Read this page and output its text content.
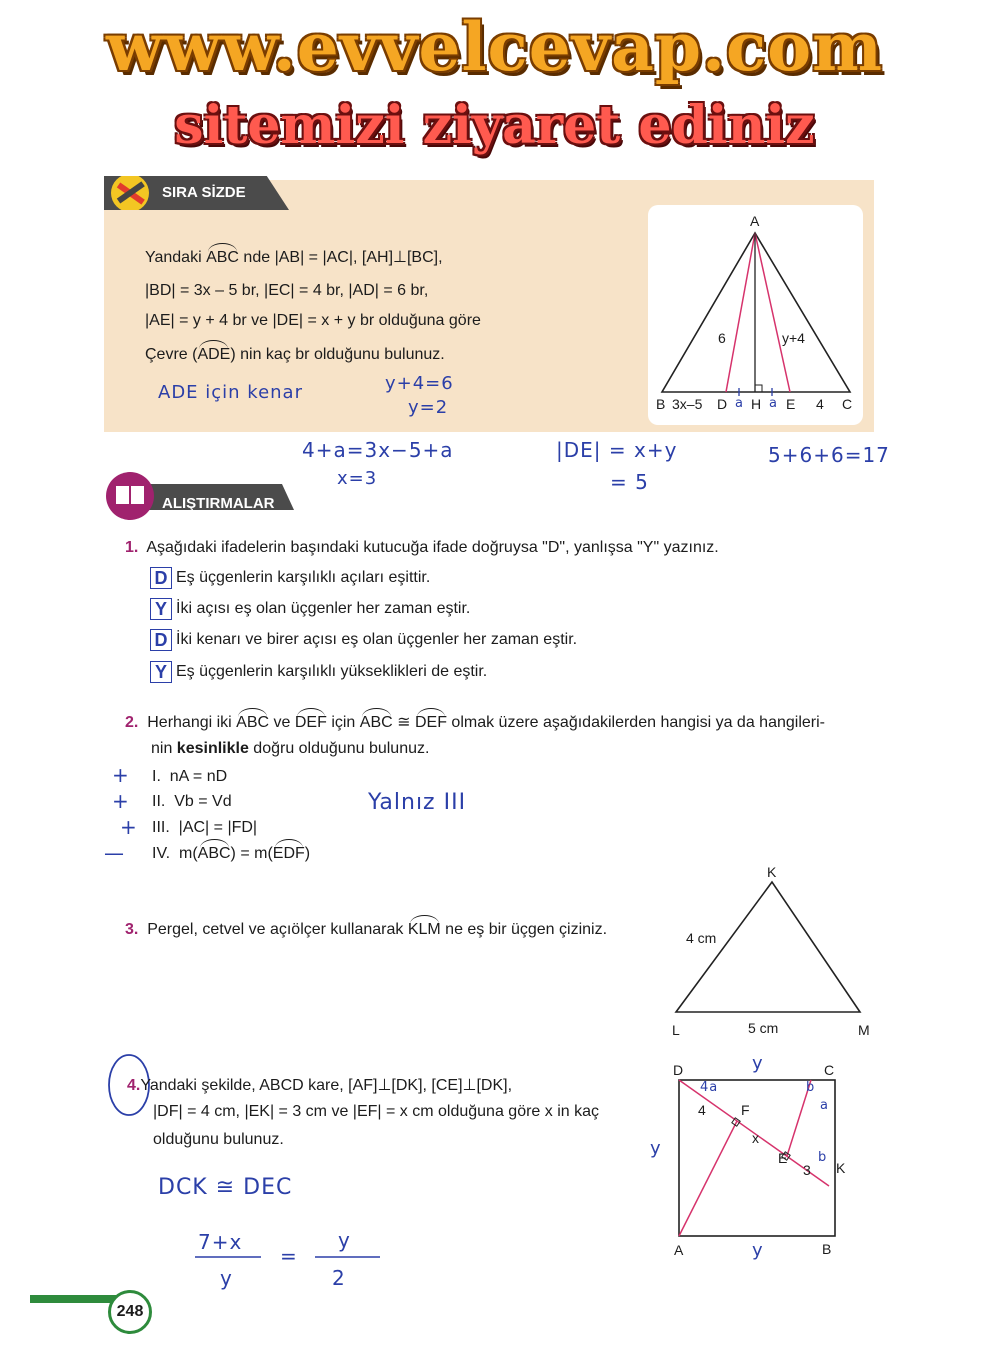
www.evvelcevap.com
sitemizi ziyaret ediniz
SIRA SİZDE
Yandaki ABC nde |AB| = |AC|, [AH]⊥[BC],
|BD| = 3x – 5 br, |EC| = 4 br, |AD| = 6 br,
|AE| = y + 4 br ve |DE| = x + y br olduğuna göre
Çevre (ADE) nin kaç br olduğunu bulunuz.
A
B 3x–5 D H E 4 C
6	y+4
a a
ADE için kenar	y+4=6
y=2
4+a=3x−5+a
x=3
|DE| = x+y
= 5
5+6+6=17
ALIŞTIRMALAR
1. Aşağıdaki ifadelerin başındaki kutucuğa ifade doğruysa "D", yanlışsa "Y" yazınız.
D Eş üçgenlerin karşılıklı açıları eşittir.
Y İki açısı eş olan üçgenler her zaman eştir.
D İki kenarı ve birer açısı eş olan üçgenler her zaman eştir.
Y Eş üçgenlerin karşılıklı yükseklikleri de eştir.
2. Herhangi iki ABC ve DEF için ABC ≅ DEF olmak üzere aşağıdakilerden hangisi ya da hangileri-
nin kesinlikle doğru olduğunu bulunuz.
I. nA = nD
II. Vb = Vd
III. |AC| = |FD|
IV. m(ABC) = m(EDF)
+
+
+
—
Yalnız III
3. Pergel, cetvel ve açıölçer kullanarak KLM ne eş bir üçgen çiziniz.
K
L	M
4 cm
5 cm
4.Yandaki şekilde, ABCD kare, [AF]⊥[DK], [CE]⊥[DK],
|DF| = 4 cm, |EK| = 3 cm ve |EF| = x cm olduğuna göre x in kaç
olduğunu bulunuz.
D	C
A	B
F
E
K
4
x
3
y
y
y
4a	b
a
b
DCK ≅ DEC
7+x
y
=
y
2
248
